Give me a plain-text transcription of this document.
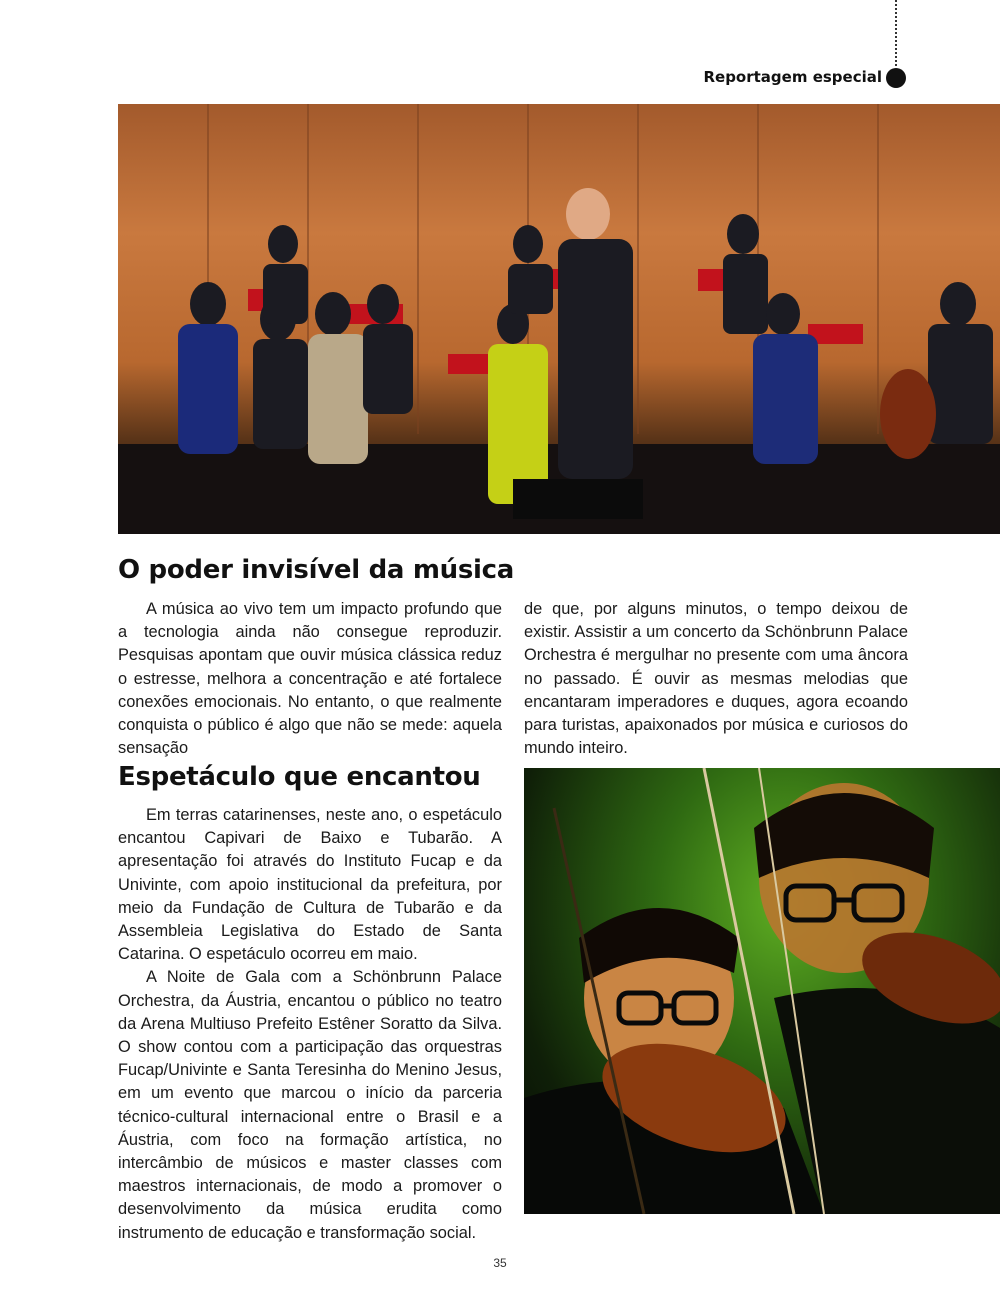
Reportagem especial
O poder invisível da música

A música ao vivo tem um impacto profundo que a tecnologia ainda não consegue reproduzir. Pesquisas apontam que ouvir música clássica reduz o estresse, melhora a concentração e até fortalece conexões emocionais. No entanto, o que realmente conquista o público é algo que não se mede: aquela sensação

de que, por alguns minutos, o tempo deixou de existir. Assistir a um concerto da Schönbrunn Palace Orchestra é mergulhar no presente com uma âncora no passado. É ouvir as mesmas melodias que encantaram imperadores e duques, agora ecoando para turistas, apaixonados por música e curiosos do mundo inteiro.

Espetáculo que encantou

Em terras catarinenses, neste ano, o espetáculo encantou Capivari de Baixo e Tubarão. A apresentação foi através do Instituto Fucap e da Univinte, com apoio institucional da prefeitura, por meio da Fundação de Cultura de Tubarão e da Assembleia Legislativa do Estado de Santa Catarina. O espetáculo ocorreu em maio.

A Noite de Gala com a Schönbrunn Palace Orchestra, da Áustria, encantou o público no teatro da Arena Multiuso Prefeito Estêner Soratto da Silva. O show contou com a participação das orquestras Fucap/Univinte e Santa Teresinha do Menino Jesus, em um evento que marcou o início da parceria técnico-cultural internacional entre o Brasil e a Áustria, com foco na formação artística, no intercâmbio de músicos e master classes com maestros internacionais, de modo a promover o desenvolvimento da música erudita como instrumento de educação e transformação social.

35
